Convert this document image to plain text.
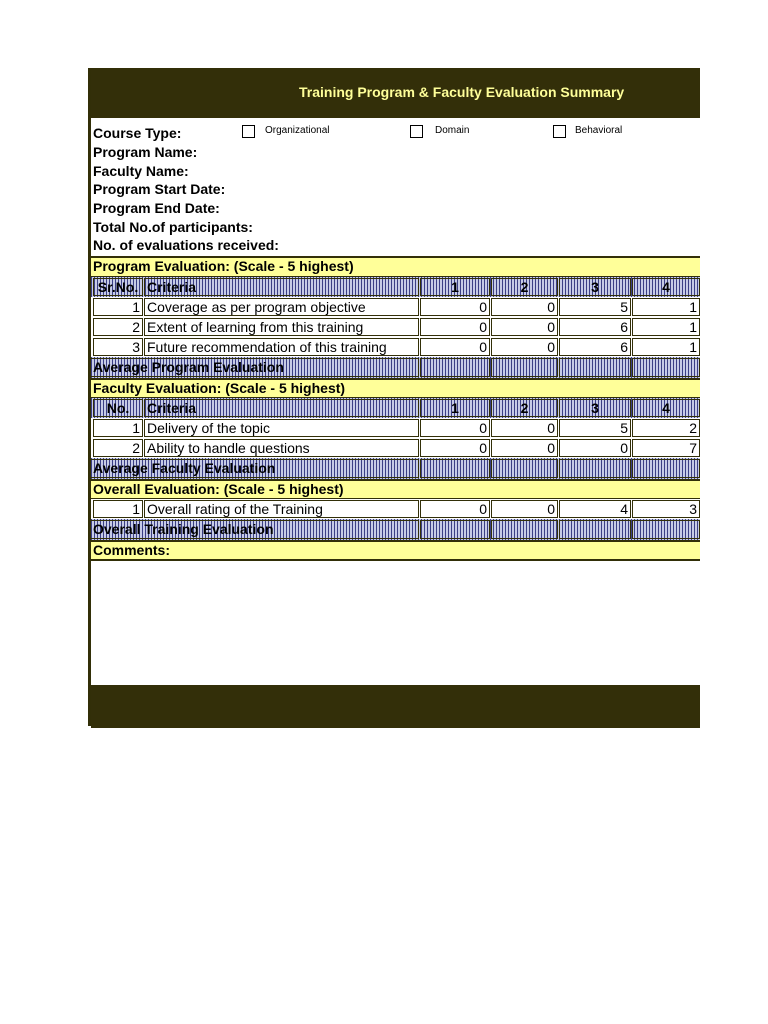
Training Program & Faculty Evaluation Summary
Course Type:
Program Name:
Faculty Name:
Program Start Date:
Program End Date:
Total No.of participants:
No. of evaluations received:
Organizational	Domain	Behavioral
Program Evaluation: (Scale - 5 highest)
Sr.No. Criteria	1	2	3	4
1 Coverage as per program objective	0	0	5	1
2 Extent of learning from this training	0	0	6	1
3 Future recommendation of this training	0	0	6	1
Average Program Evaluation
Faculty Evaluation: (Scale - 5 highest)
No.	Criteria	1	2	3	4
1 Delivery of the topic	0	0	5	2
2 Ability to handle questions	0	0	0	7
Average Faculty Evaluation
Overall Evaluation: (Scale - 5 highest)
1 Overall rating of the Training	0	0	4	3
Overall Training Evaluation
Comments:
